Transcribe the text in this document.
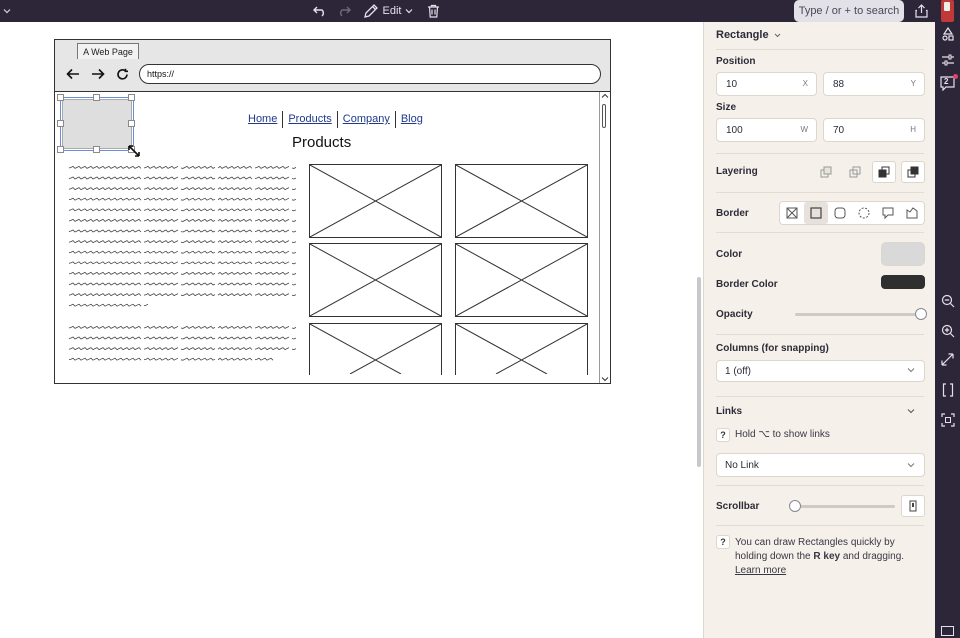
Edit	Type / or + to search
A Web Page
https://
Home	Products	Company	Blog
Products
Rectangle
Position
10	X	88	Y
Size
100	W	70	H
Layering
Border
Color
Border Color
Opacity
Columns (for snapping)
1 (off)
Links
? Hold ⌥ to show links
No Link
Scrollbar
? You can draw Rectangles quickly by holding down the R key and dragging.
Learn more
2
